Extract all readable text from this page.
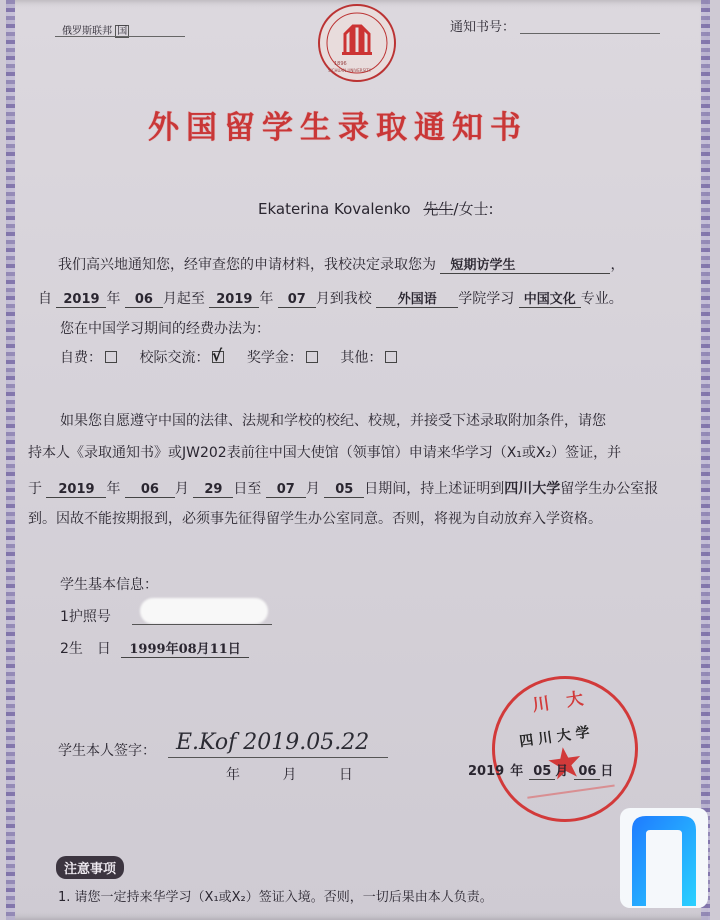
俄罗斯联邦 国
1896
SICHUAN UNIVERSITY
通知书号：
外国留学生录取通知书
Ekaterina Kovalenko 先生/女士:
我们高兴地通知您，经审查您的申请材料，我校决定录取您为 短期访学生	，
自 2019 年 06 月起至 2019 年 07 月到我校 外国语 学院学习 中国文化 专业。
您在中国学习期间的经费办法为：
自费：	校际交流： √ 奖学金：	其他：
如果您自愿遵守中国的法律、法规和学校的校纪、校规，并接受下述录取附加条件，请您
持本人《录取通知书》或JW202表前往中国大使馆（领事馆）申请来华学习（X₁或X₂）签证，并
于 2019 年 06 月 29 日至 07 月 05 日期间，持上述证明到四川大学留学生办公室报
到。因故不能按期报到，必须事先征得留学生办公室同意。否则，将视为自动放弃入学资格。
学生基本信息：
1护照号
2生　日 1999年08月11日
川　大
四 川 大 学
学生本人签字： E.Kof 2019.05.22
年	月	日	2019 年 05 月 06 日
注意事项
1. 请您一定持来华学习（X₁或X₂）签证入境。否则，一切后果由本人负责。
